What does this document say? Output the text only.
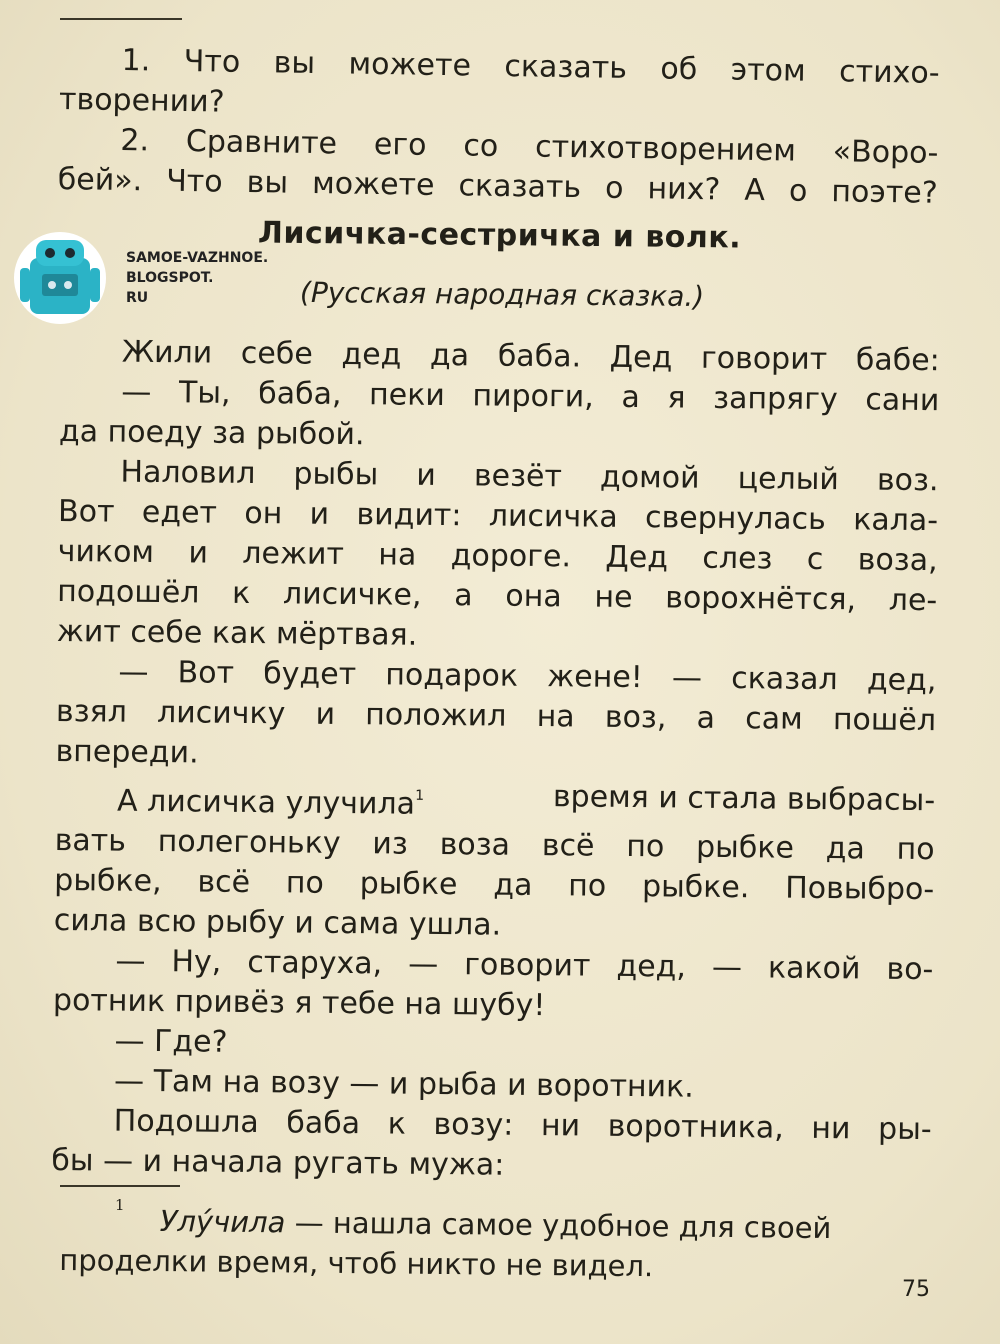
1. Что вы можете сказать об этом стихо-
творении?
2. Сравните его со стихотворением «Воро-
бей». Что вы можете сказать о них? А о поэте?
SAMOE-VAZHNOE.
BLOGSPOT.
RU
Лисичка-сестричка и волк.
(Русская народная сказка.)
Жили себе дед да баба. Дед говорит бабе:
— Ты, баба, пеки пироги, а я запрягу сани
да поеду за рыбой.
Наловил рыбы и везёт домой целый воз.
Вот едет он и видит: лисичка свернулась кала-
чиком и лежит на дороге. Дед слез с воза,
подошёл к лисичке, а она не ворохнётся, ле-
жит себе как мёртвая.
— Вот будет подарок жене! — сказал дед,
взял лисичку и положил на воз, а сам пошёл
впереди.
А лисичка улучила$^1$	время и стала выбрасы-
вать полегоньку из воза всё по рыбке да по
рыбке, всё по рыбке да по рыбке. Повыбро-
сила всю рыбу и сама ушла.
— Ну, старуха, — говорит дед, — какой во-
ротник привёз я тебе на шубу!
— Где?
— Там на возу — и рыба и воротник.
Подошла баба к возу: ни воротника, ни ры-
бы — и начала ругать мужа:
Улу́чила — нашла самое удобное для своей
проделки время, чтоб никто не видел.
1
75
